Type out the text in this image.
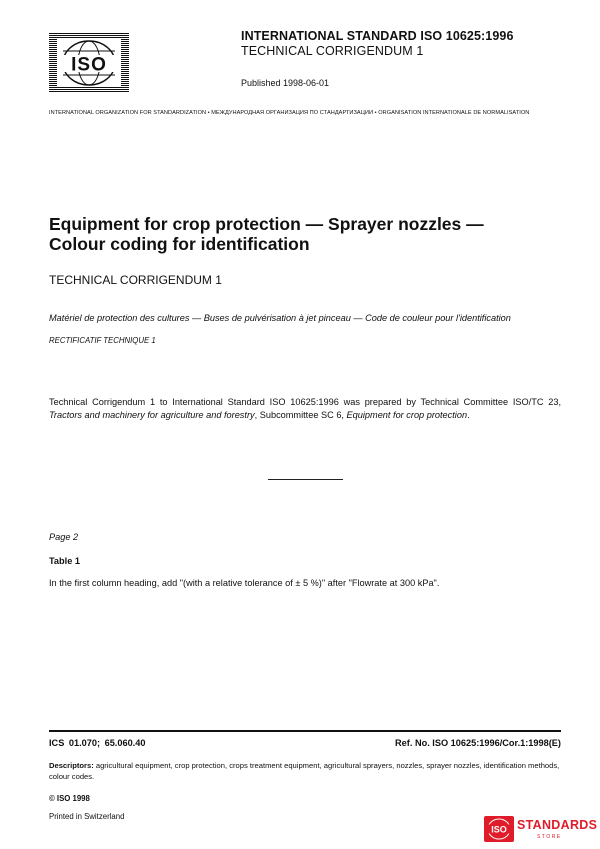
ISO
INTERNATIONAL STANDARD ISO 10625:1996
TECHNICAL CORRIGENDUM 1
Published 1998-06-01
INTERNATIONAL ORGANIZATION FOR STANDARDIZATION • МЕЖДУНАРОДНАЯ ОРГАНИЗАЦИЯ ПО СТАНДАРТИЗАЦИИ • ORGANISATION INTERNATIONALE DE NORMALISATION
Equipment for crop protection — Sprayer nozzles —
Colour coding for identification
TECHNICAL CORRIGENDUM 1
Matériel de protection des cultures — Buses de pulvérisation à jet pinceau — Code de couleur pour l'identification
RECTIFICATIF TECHNIQUE 1

Technical Corrigendum 1 to International Standard ISO 10625:1996 was prepared by Technical Committee ISO/TC 23, Tractors and machinery for agriculture and forestry, Subcommittee SC 6, Equipment for crop protection.

Page 2
Table 1
In the first column heading, add "(with a relative tolerance of ± 5 %)" after "Flowrate at 300 kPa".
ICS 01.070; 65.060.40	Ref. No. ISO 10625:1996/Cor.1:1998(E)
Descriptors: agricultural equipment, crop protection, crops treatment equipment, agricultural sprayers, nozzles, sprayer nozzles, identification methods, colour codes.
© ISO 1998
Printed in Switzerland
ISO STANDARDS
STORE
